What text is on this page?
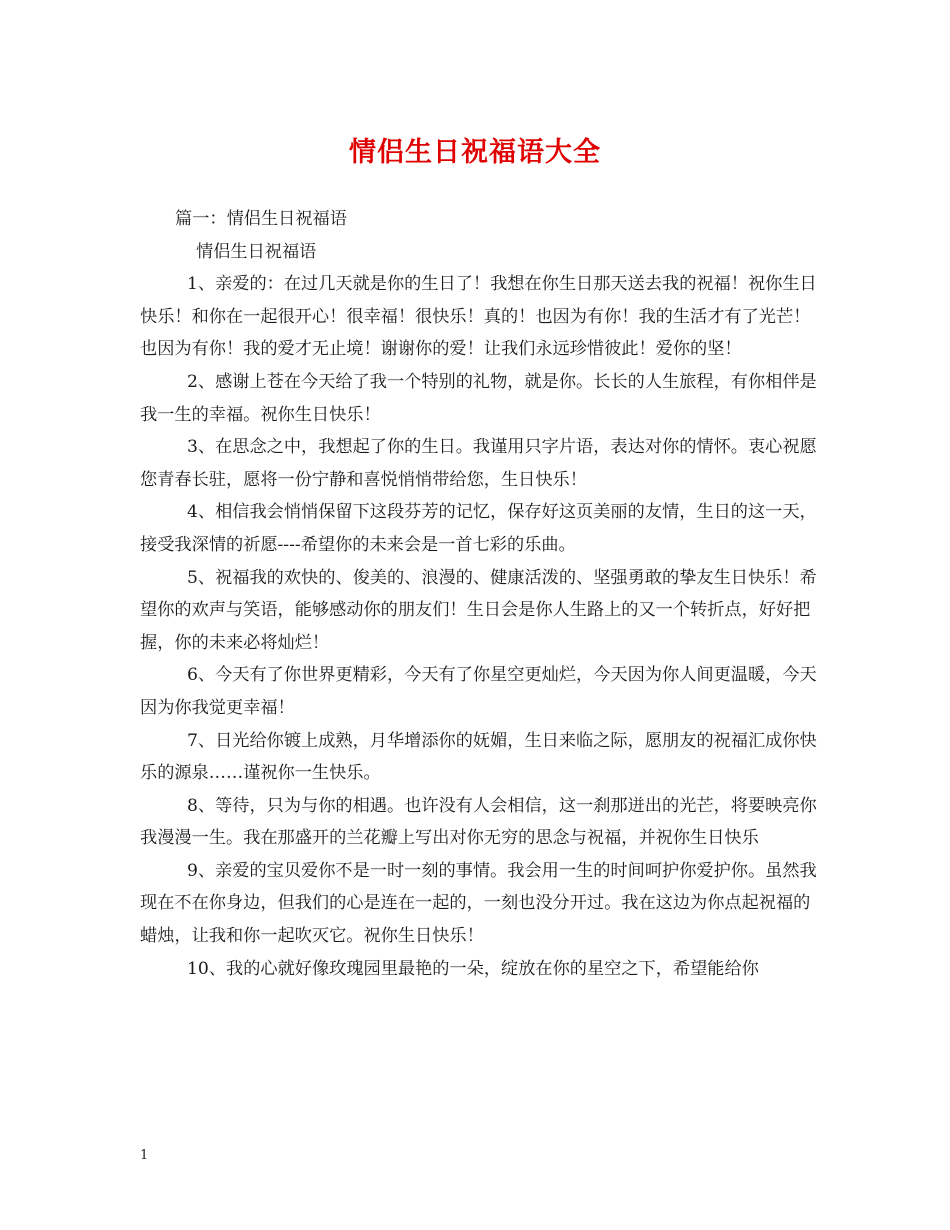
情侣生日祝福语大全

篇一：情侣生日祝福语

情侣生日祝福语

1、亲爱的：在过几天就是你的生日了！我想在你生日那天送去我的祝福！祝你生日快乐！和你在一起很开心！很幸福！很快乐！真的！也因为有你！我的生活才有了光芒！也因为有你！我的爱才无止境！谢谢你的爱！让我们永远珍惜彼此！爱你的坚！

2、感谢上苍在今天给了我一个特别的礼物，就是你。长长的人生旅程，有你相伴是我一生的幸福。祝你生日快乐！

3、在思念之中，我想起了你的生日。我谨用只字片语，表达对你的情怀。衷心祝愿您青春长驻，愿将一份宁静和喜悦悄悄带给您，生日快乐！

4、相信我会悄悄保留下这段芬芳的记忆，保存好这页美丽的友情，生日的这一天，接受我深情的祈愿----希望你的未来会是一首七彩的乐曲。

5、祝福我的欢快的、俊美的、浪漫的、健康活泼的、坚强勇敢的挚友生日快乐！希望你的欢声与笑语，能够感动你的朋友们！生日会是你人生路上的又一个转折点，好好把握，你的未来必将灿烂！

6、今天有了你世界更精彩，今天有了你星空更灿烂，今天因为你人间更温暖，今天因为你我觉更幸福！

7、日光给你镀上成熟，月华增添你的妩媚，生日来临之际，愿朋友的祝福汇成你快乐的源泉……谨祝你一生快乐。

8、等待，只为与你的相遇。也许没有人会相信，这一刹那迸出的光芒，将要映亮你我漫漫一生。我在那盛开的兰花瓣上写出对你无穷的思念与祝福，并祝你生日快乐

9、亲爱的宝贝爱你不是一时一刻的事情。我会用一生的时间呵护你爱护你。虽然我现在不在你身边，但我们的心是连在一起的，一刻也没分开过。我在这边为你点起祝福的蜡烛，让我和你一起吹灭它。祝你生日快乐！

10、我的心就好像玫瑰园里最艳的一朵，绽放在你的星空之下，希望能给你

1
